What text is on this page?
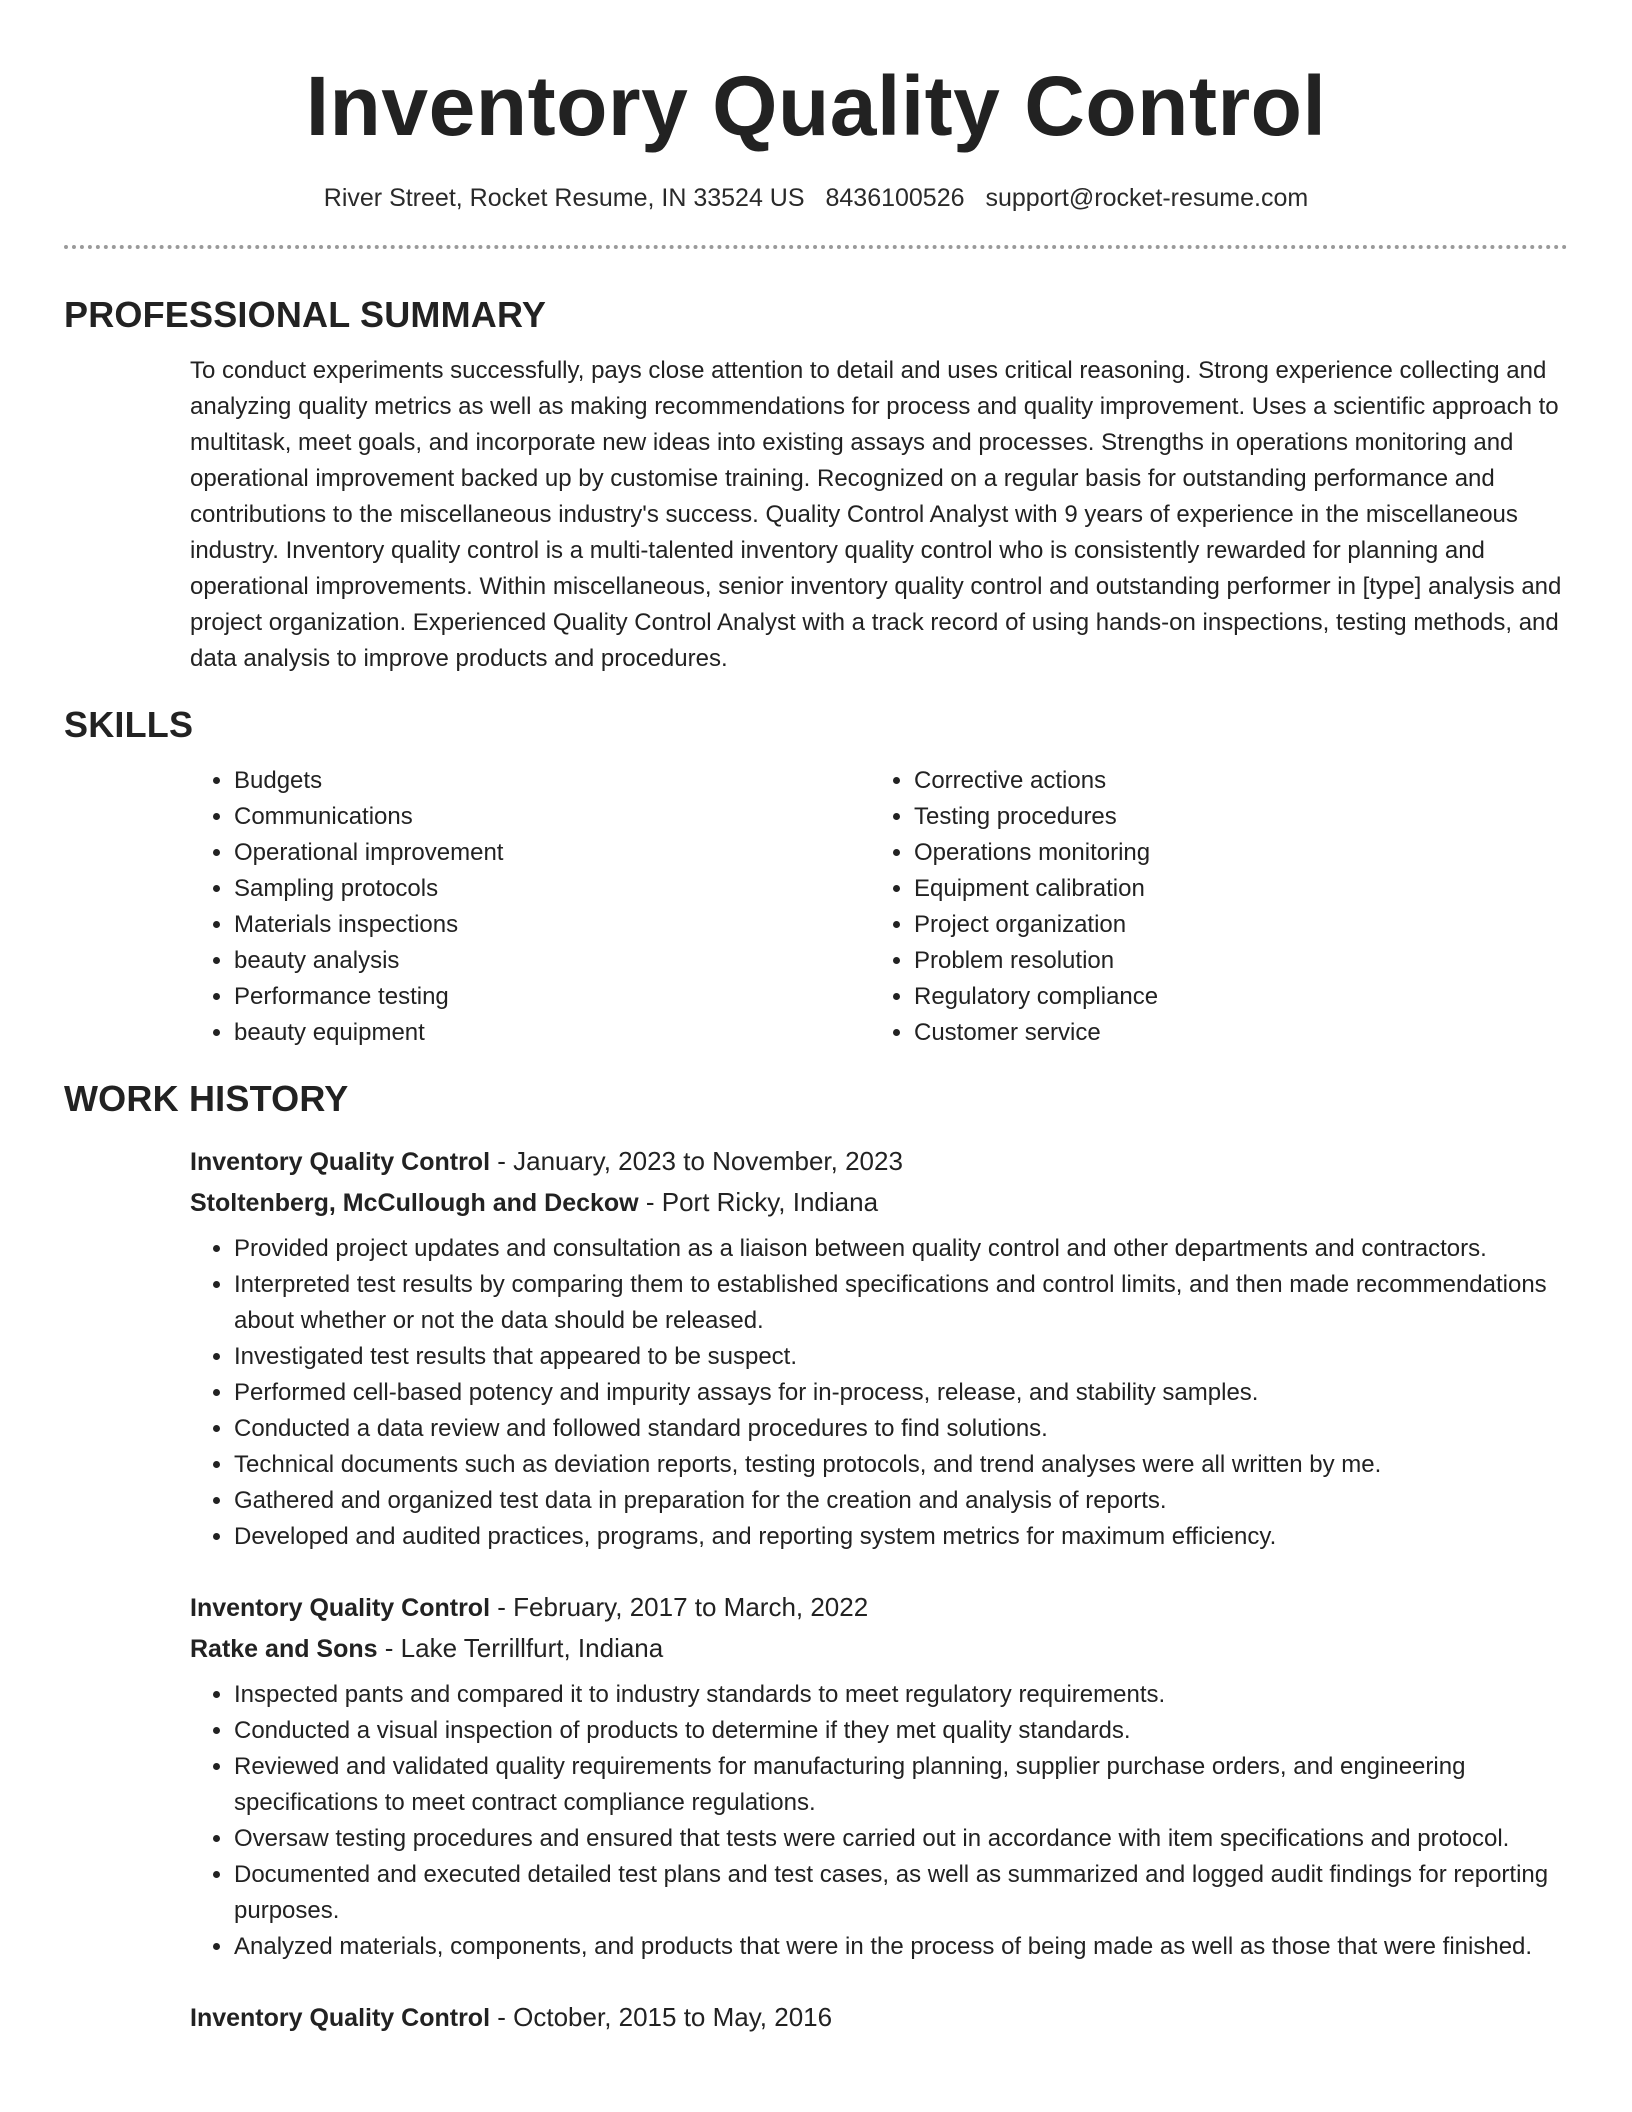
Inventory Quality Control
River Street, Rocket Resume, IN 33524 US 8436100526 support@rocket-resume.com
PROFESSIONAL SUMMARY

To conduct experiments successfully, pays close attention to detail and uses critical reasoning. Strong experience collecting and analyzing quality metrics as well as making recommendations for process and quality improvement. Uses a scientific approach to multitask, meet goals, and incorporate new ideas into existing assays and processes. Strengths in operations monitoring and operational improvement backed up by customise training. Recognized on a regular basis for outstanding performance and contributions to the miscellaneous industry's success. Quality Control Analyst with 9 years of experience in the miscellaneous industry. Inventory quality control is a multi-talented inventory quality control who is consistently rewarded for planning and operational improvements. Within miscellaneous, senior inventory quality control and outstanding performer in [type] analysis and project organization. Experienced Quality Control Analyst with a track record of using hands-on inspections, testing methods, and data analysis to improve products and procedures.

SKILLS
• Budgets
• Communications
• Operational improvement
• Sampling protocols
• Materials inspections
• beauty analysis
• Performance testing
• beauty equipment
• Corrective actions
• Testing procedures
• Operations monitoring
• Equipment calibration
• Project organization
• Problem resolution
• Regulatory compliance
• Customer service
WORK HISTORY
Inventory Quality Control - January, 2023 to November, 2023
Stoltenberg, McCullough and Deckow - Port Ricky, Indiana
• Provided project updates and consultation as a liaison between quality control and other departments and contractors.
• Interpreted test results by comparing them to established specifications and control limits, and then made recommendations about whether or not the data should be released.
• Investigated test results that appeared to be suspect.
• Performed cell-based potency and impurity assays for in-process, release, and stability samples.
• Conducted a data review and followed standard procedures to find solutions.
• Technical documents such as deviation reports, testing protocols, and trend analyses were all written by me.
• Gathered and organized test data in preparation for the creation and analysis of reports.
• Developed and audited practices, programs, and reporting system metrics for maximum efficiency.
Inventory Quality Control - February, 2017 to March, 2022
Ratke and Sons - Lake Terrillfurt, Indiana
• Inspected pants and compared it to industry standards to meet regulatory requirements.
• Conducted a visual inspection of products to determine if they met quality standards.
• Reviewed and validated quality requirements for manufacturing planning, supplier purchase orders, and engineering specifications to meet contract compliance regulations.
• Oversaw testing procedures and ensured that tests were carried out in accordance with item specifications and protocol.
• Documented and executed detailed test plans and test cases, as well as summarized and logged audit findings for reporting purposes.
• Analyzed materials, components, and products that were in the process of being made as well as those that were finished.
Inventory Quality Control - October, 2015 to May, 2016
